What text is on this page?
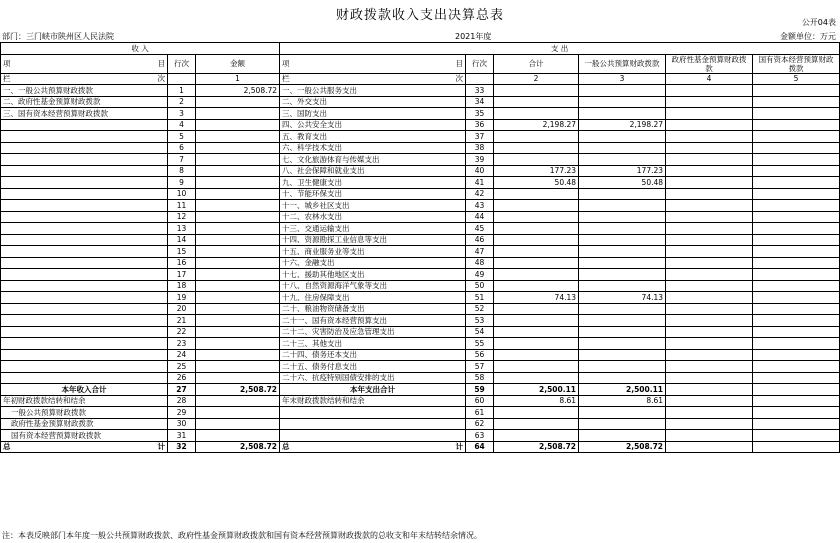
财政拨款收入支出决算总表	公开04表
部门：三门峡市陕州区人民法院	2021年度	金额单位：万元
收 入			支 出					

项 目	行次	金额	项 目	行次	合计	一般公共预算财政拨款	政府性基金预算财政拨款	国有资本经营预算财政拨款

栏 次		1	栏 次		2	3	4	5
一、一般公共预算财政拨款	1	2,508.72	一、一般公共服务支出	33				
二、政府性基金预算财政拨款	2		二、外交支出	34				
三、国有资本经营预算财政拨款	3		三、国防支出	35				
	4		四、公共安全支出	36	2,198.27	2,198.27		
	5		五、教育支出	37				
	6		六、科学技术支出	38				
	7		七、文化旅游体育与传媒支出	39				
	8		八、社会保障和就业支出	40	177.23	177.23		
	9		九、卫生健康支出	41	50.48	50.48		
	10		十、节能环保支出	42				
	11		十一、城乡社区支出	43				
	12		十二、农林水支出	44				
	13		十三、交通运输支出	45				
	14		十四、资源勘探工业信息等支出	46				
	15		十五、商业服务业等支出	47				
	16		十六、金融支出	48				
	17		十七、援助其他地区支出	49				
	18		十八、自然资源海洋气象等支出	50				
	19		十九、住房保障支出	51	74.13	74.13		
	20		二十、粮油物资储备支出	52				
	21		二十一、国有资本经营预算支出	53				
	22		二十二、灾害防治及应急管理支出	54				
	23		二十三、其他支出	55				
	24		二十四、债务还本支出	56				
	25		二十五、债务付息支出	57				
	26		二十六、抗疫特别国债安排的支出	58				
本年收入合计	27	2,508.72	本年支出合计	59	2,500.11	2,500.11		
年初财政拨款结转和结余	28		年末财政拨款结转和结余	60	8.61	8.61		
一般公共预算财政拨款	29			61				
政府性基金预算财政拨款	30			62				
国有资本经营预算财政拨款	31			63				

总 计	32	2,508.72	总 计	64	2,508.72	2,508.72		
注：本表反映部门本年度一般公共预算财政拨款、政府性基金预算财政拨款和国有资本经营预算财政拨款的总收支和年末结转结余情况。
